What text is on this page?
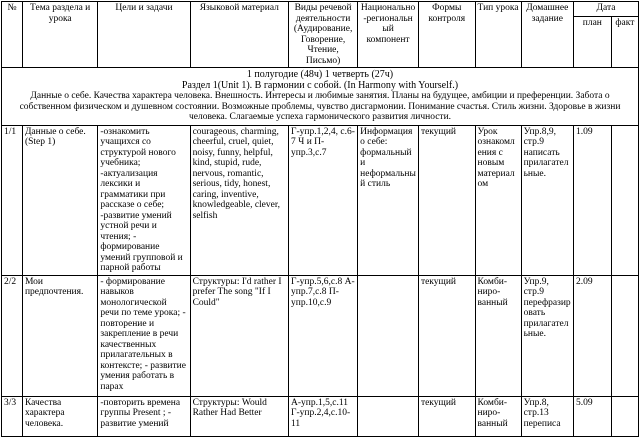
№	Тема раздела и урока	Цели и задачи	Языковой материал	Виды речевой деятельности (Аудирование, Говорение, Чтение, Письмо)	Национально-региональный компонент	Формы контроля	Тип урока	Домашнее задание	Дата	
									план	факт

1 полугодие (48ч) 1 четверть (27ч)
Раздел 1(Unit 1). В гармонии с собой. (In Harmony with Yourself.)
Данные о себе. Качества характера человека. Внешность. Интересы и любимые занятия. Планы на будущее, амбиции и преференции. Забота о собственном физическом и душевном состоянии. Возможные проблемы, чувство дисгармонии. Понимание счастья. Стиль жизни. Здоровье в жизни человека. Слагаемые успеха гармонического развития личности.										

1/1	Данные о себе. (Step 1)	-ознакомить учащихся со структурой нового учебника; -актуализация лексики и грамматики при рассказе о себе; -развитие умений устной речи и чтения; - формирование умений групповой и парной работы	courageous, charming, cheerful, cruel, quiet, noisy, funny, helpful, kind, stupid, rude, nervous, romantic, serious, tidy, honest, caring, inventive, knowledgeable, clever, selfish	Г-упр.1,2,4, с.6-7 Ч и П-упр.3,с.7	Информация о себе: формальный и неформальный стиль	текущий	Урок ознакомления с новым материалом	Упр.8,9, стр.9 написать прилагательные.	1.09	
2/2	Мои предпочтения.	- формирование навыков монологической речи по теме урока; - повторение и закрепление в речи качественных прилагательных в контексте; - развитие умения работать в парах	Структуры: I'd rather I prefer The song "If I Could"	Г-упр.5,6,с.8 А-упр.7,с.8 П-упр.10,с.9		текущий	Комби-ниро-ванный	Упр.9, стр.9 перефразировать прилагательные.	2.09	
3/3	Качества характера человека.	-повторить времена группы Present ; - развитие умений	Структуры: Would Rather Had Better	А-упр.1,5,с.11 Г-упр.2,4,с.10-11		текущий	Комби-ниро-ванный	Упр.8, стр.13 переписа	5.09	
